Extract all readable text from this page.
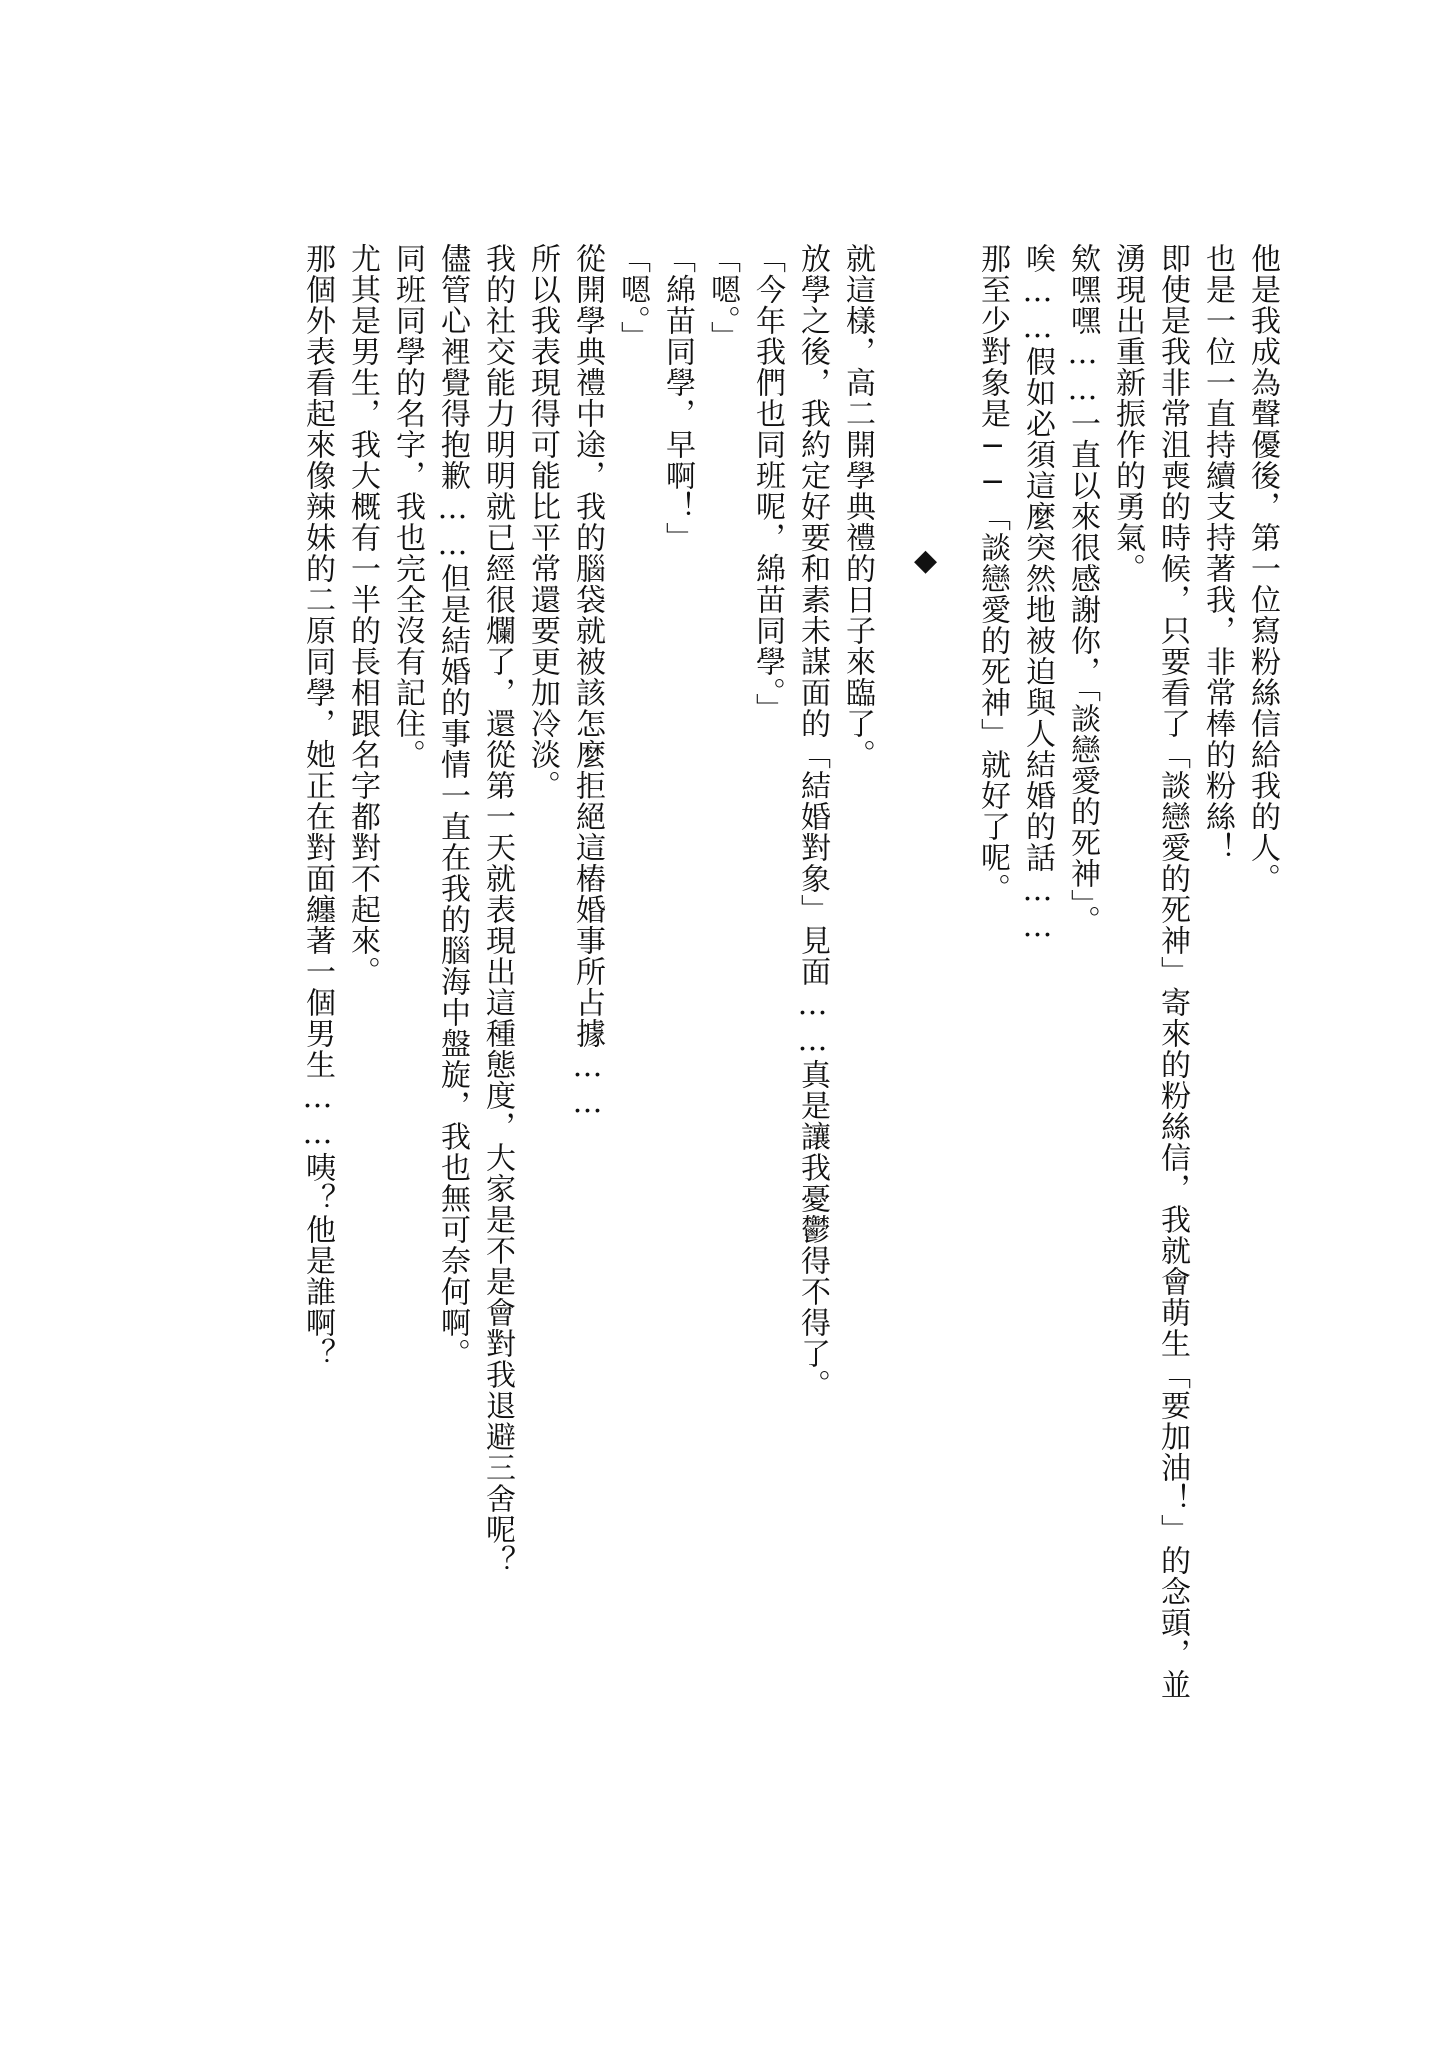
他是我成為聲優後，第一位寫粉絲信給我的人。
也是一位一直持續支持著我，非常棒的粉絲！
即使是我非常沮喪的時候，只要看了「談戀愛的死神」寄來的粉絲信，我就會萌生「要加油！」的念頭，並
湧現出重新振作的勇氣。
欸嘿嘿……一直以來很感謝你，「談戀愛的死神」。
唉……假如必須這麼突然地被迫與人結婚的話……
那至少對象是──「談戀愛的死神」就好了呢。
◆
就這樣，高二開學典禮的日子來臨了。
放學之後，我約定好要和素未謀面的「結婚對象」見面……真是讓我憂鬱得不得了。
「今年我們也同班呢，綿苗同學。」
「嗯。」
「綿苗同學，早啊！」
「嗯。」
從開學典禮中途，我的腦袋就被該怎麼拒絕這樁婚事所占據……
所以我表現得可能比平常還要更加冷淡。
我的社交能力明明就已經很爛了，還從第一天就表現出這種態度，大家是不是會對我退避三舍呢？
儘管心裡覺得抱歉……但是結婚的事情一直在我的腦海中盤旋，我也無可奈何啊。
同班同學的名字，我也完全沒有記住。
尤其是男生，我大概有一半的長相跟名字都對不起來。
那個外表看起來像辣妹的二原同學，她正在對面纏著一個男生……咦？他是誰啊？
